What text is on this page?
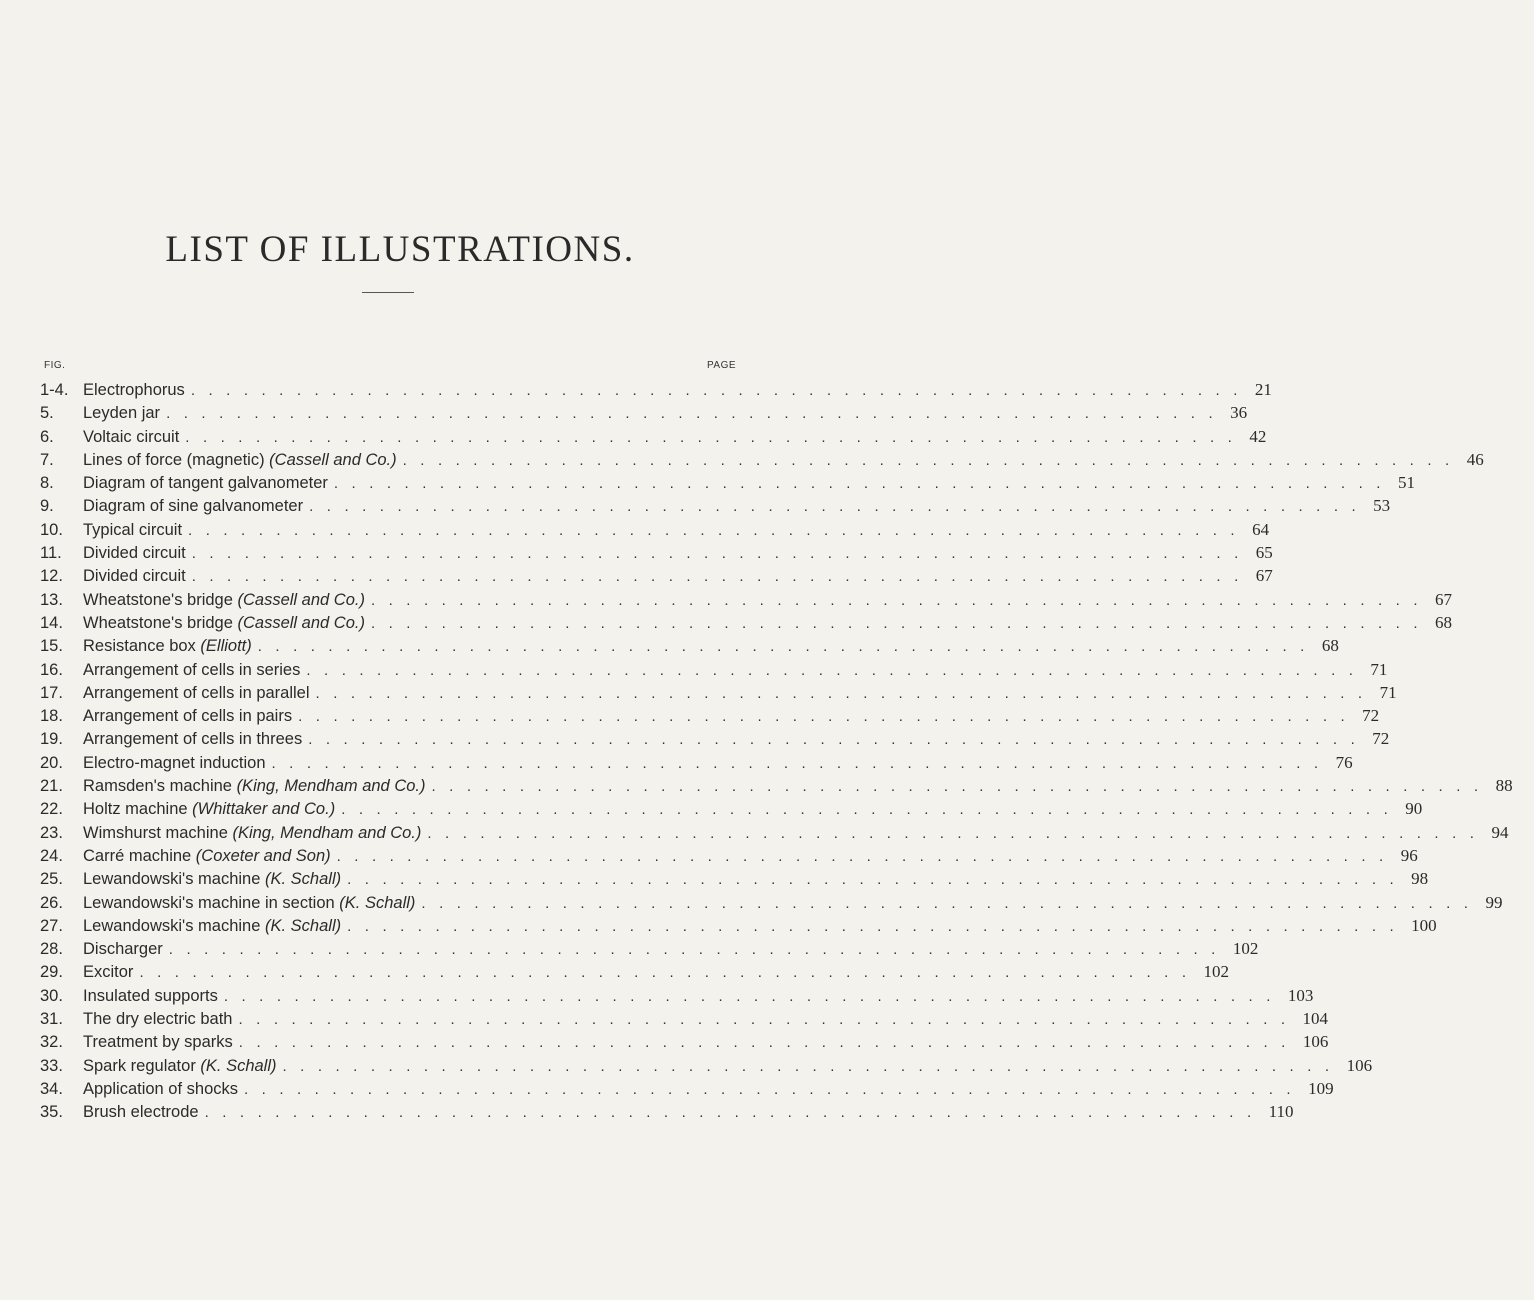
LIST OF ILLUSTRATIONS.
FIG.	PAGE
1-4. Electrophorus ............................................................ 21
5.	Leyden jar ............................................................ 36
6.	Voltaic circuit ............................................................ 42
7.	Lines of force (magnetic) (Cassell and Co.) ............................................................ 46
8.	Diagram of tangent galvanometer ............................................................ 51
9.	Diagram of sine galvanometer ............................................................ 53
10.	Typical circuit ............................................................ 64
11.	Divided circuit ............................................................ 65
12.	Divided circuit ............................................................ 67
13.	Wheatstone's bridge (Cassell and Co.) ............................................................ 67
14.	Wheatstone's bridge (Cassell and Co.) ............................................................ 68
15.	Resistance box (Elliott) ............................................................ 68
16.	Arrangement of cells in series ............................................................ 71
17.	Arrangement of cells in parallel ............................................................ 71
18.	Arrangement of cells in pairs ............................................................ 72
19.	Arrangement of cells in threes ............................................................ 72
20.	Electro-magnet induction ............................................................ 76
21.	Ramsden's machine (King, Mendham and Co.) ............................................................ 88
22.	Holtz machine (Whittaker and Co.) ............................................................ 90
23.	Wimshurst machine (King, Mendham and Co.) ............................................................ 94
24.	Carré machine (Coxeter and Son) ............................................................ 96
25.	Lewandowski's machine (K. Schall) ............................................................ 98
26.	Lewandowski's machine in section (K. Schall) ............................................................ 99
27.	Lewandowski's machine (K. Schall) ............................................................ 100
28.	Discharger ............................................................ 102
29.	Excitor ............................................................ 102
30.	Insulated supports ............................................................ 103
31.	The dry electric bath ............................................................ 104
32.	Treatment by sparks ............................................................ 106
33.	Spark regulator (K. Schall) ............................................................ 106
34.	Application of shocks ............................................................ 109
35.	Brush electrode ............................................................ 110
